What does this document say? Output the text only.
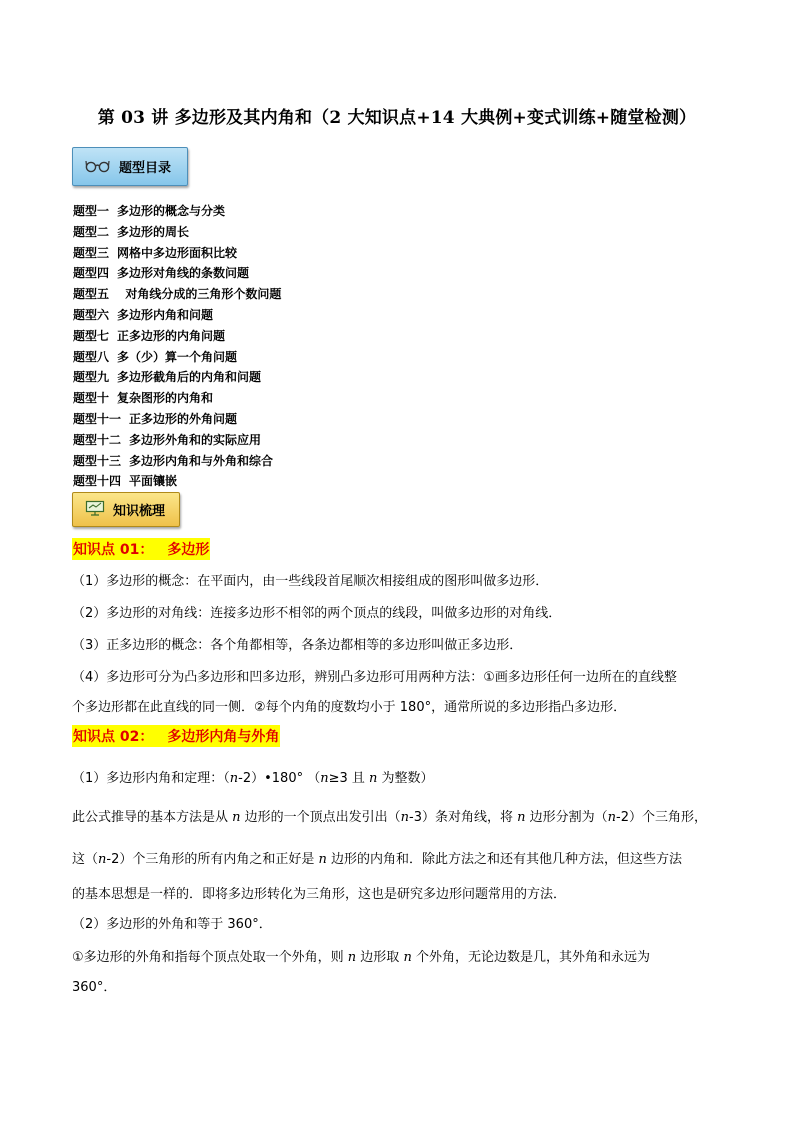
第 03 讲 多边形及其内角和（2 大知识点+14 大典例+变式训练+随堂检测）
题型目录
题型一 多边形的概念与分类
题型二 多边形的周长
题型三 网格中多边形面积比较
题型四 多边形对角线的条数问题
题型五  对角线分成的三角形个数问题
题型六 多边形内角和问题
题型七 正多边形的内角问题
题型八 多（少）算一个角问题
题型九 多边形截角后的内角和问题
题型十 复杂图形的内角和
题型十一 正多边形的外角问题
题型十二 多边形外角和的实际应用
题型十三 多边形内角和与外角和综合
题型十四 平面镶嵌
知识梳理
知识点 01： 多边形
（1）多边形的概念：在平面内，由一些线段首尾顺次相接组成的图形叫做多边形．
（2）多边形的对角线：连接多边形不相邻的两个顶点的线段，叫做多边形的对角线．
（3）正多边形的概念：各个角都相等，各条边都相等的多边形叫做正多边形．
（4）多边形可分为凸多边形和凹多边形，辨别凸多边形可用两种方法：①画多边形任何一边所在的直线整
个多边形都在此直线的同一侧．②每个内角的度数均小于 180°，通常所说的多边形指凸多边形．
知识点 02： 多边形内角与外角
（1）多边形内角和定理：（n-2）•180° （n≥3 且 n 为整数）
此公式推导的基本方法是从 n 边形的一个顶点出发引出（n-3）条对角线，将 n 边形分割为（n-2）个三角形，
这（n-2）个三角形的所有内角之和正好是 n 边形的内角和．除此方法之和还有其他几种方法，但这些方法
的基本思想是一样的．即将多边形转化为三角形，这也是研究多边形问题常用的方法．
（2）多边形的外角和等于 360°．
①多边形的外角和指每个顶点处取一个外角，则 n 边形取 n 个外角，无论边数是几，其外角和永远为
360°．
